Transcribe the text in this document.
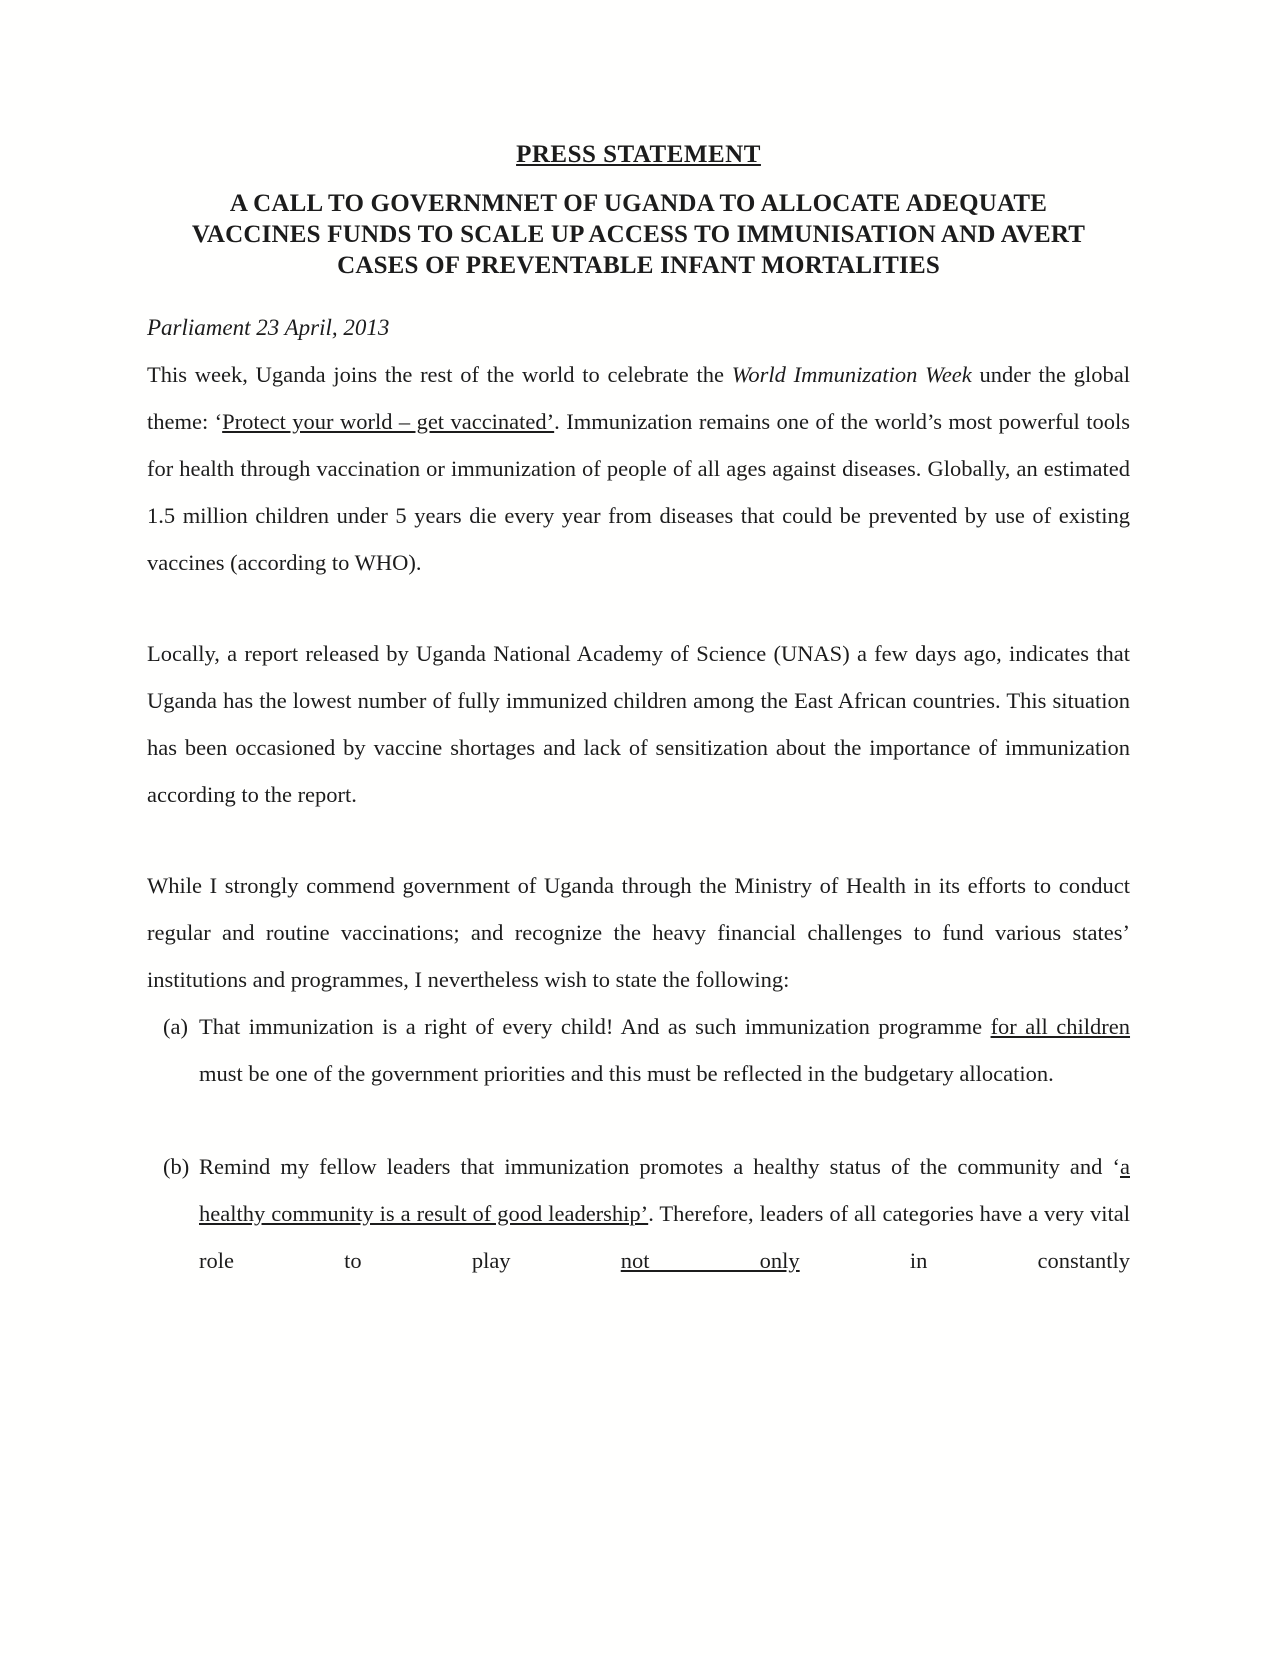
PRESS STATEMENT
A CALL TO GOVERNMNET OF UGANDA TO ALLOCATE ADEQUATE
VACCINES FUNDS TO SCALE UP ACCESS TO IMMUNISATION AND AVERT
CASES OF PREVENTABLE INFANT MORTALITIES
Parliament 23 April, 2013

This week, Uganda joins the rest of the world to celebrate the World Immunization Week under the global theme: ‘Protect your world – get vaccinated’. Immunization remains one of the world’s most powerful tools for health through vaccination or immunization of people of all ages against diseases. Globally, an estimated 1.5 million children under 5 years die every year from diseases that could be prevented by use of existing vaccines (according to WHO).

Locally, a report released by Uganda National Academy of Science (UNAS) a few days ago, indicates that Uganda has the lowest number of fully immunized children among the East African countries. This situation has been occasioned by vaccine shortages and lack of sensitization about the importance of immunization according to the report.

While I strongly commend government of Uganda through the Ministry of Health in its efforts to conduct regular and routine vaccinations; and recognize the heavy financial challenges to fund various states’ institutions and programmes, I nevertheless wish to state the following:

(a) That immunization is a right of every child! And as such immunization programme for all children must be one of the government priorities and this must be reflected in the budgetary allocation.
(b) Remind my fellow leaders that immunization promotes a healthy status of the community and ‘a healthy community is a result of good leadership’. Therefore, leaders of all categories have a very vital role to play not only in constantly
